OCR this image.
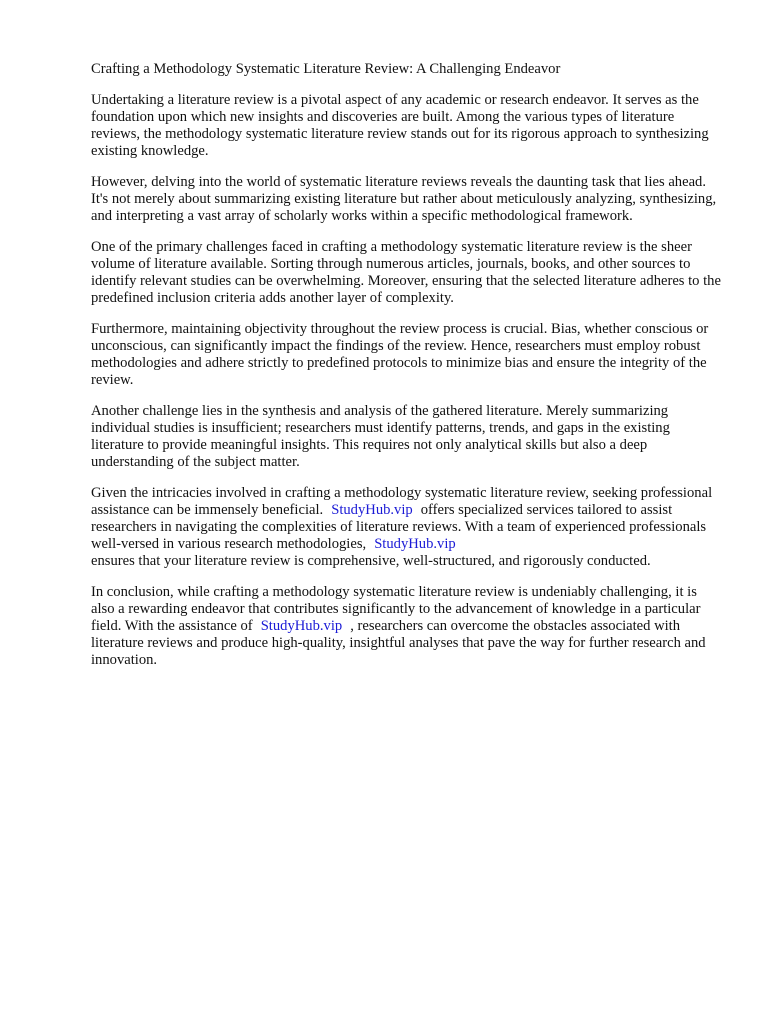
Crafting a Methodology Systematic Literature Review: A Challenging Endeavor

Undertaking a literature review is a pivotal aspect of any academic or research endeavor. It serves as the foundation upon which new insights and discoveries are built. Among the various types of literature reviews, the methodology systematic literature review stands out for its rigorous approach to synthesizing existing knowledge.

However, delving into the world of systematic literature reviews reveals the daunting task that lies ahead. It's not merely about summarizing existing literature but rather about meticulously analyzing, synthesizing, and interpreting a vast array of scholarly works within a specific methodological framework.

One of the primary challenges faced in crafting a methodology systematic literature review is the sheer volume of literature available. Sorting through numerous articles, journals, books, and other sources to identify relevant studies can be overwhelming. Moreover, ensuring that the selected literature adheres to the predefined inclusion criteria adds another layer of complexity.

Furthermore, maintaining objectivity throughout the review process is crucial. Bias, whether conscious or unconscious, can significantly impact the findings of the review. Hence, researchers must employ robust methodologies and adhere strictly to predefined protocols to minimize bias and ensure the integrity of the review.

Another challenge lies in the synthesis and analysis of the gathered literature. Merely summarizing individual studies is insufficient; researchers must identify patterns, trends, and gaps in the existing literature to provide meaningful insights. This requires not only analytical skills but also a deep understanding of the subject matter.

Given the intricacies involved in crafting a methodology systematic literature review, seeking professional assistance can be immensely beneficial. StudyHub.vip offers specialized services tailored to assist researchers in navigating the complexities of literature reviews. With a team of experienced professionals well-versed in various research methodologies, StudyHub.vip
ensures that your literature review is comprehensive, well-structured, and rigorously conducted.

In conclusion, while crafting a methodology systematic literature review is undeniably challenging, it is also a rewarding endeavor that contributes significantly to the advancement of knowledge in a particular field. With the assistance of StudyHub.vip , researchers can overcome the obstacles associated with literature reviews and produce high-quality, insightful analyses that pave the way for further research and innovation.
